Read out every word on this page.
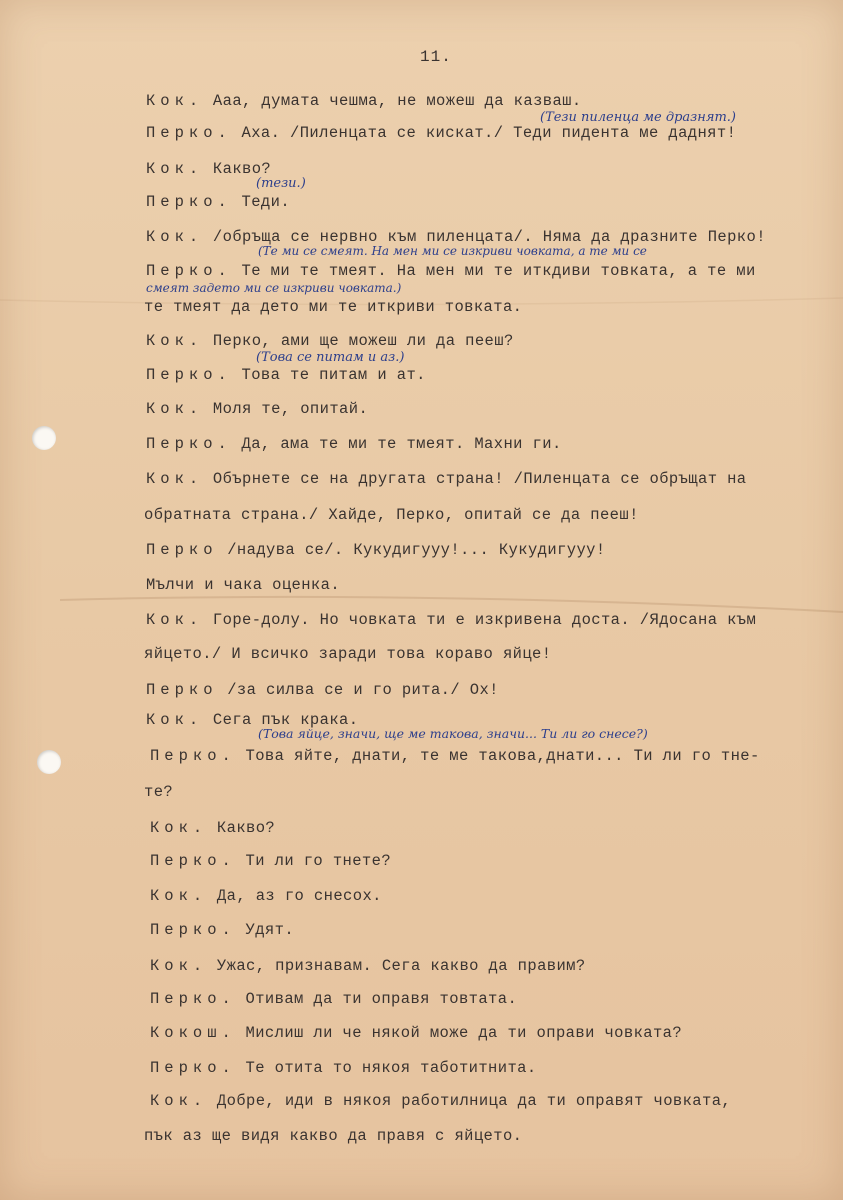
11.
Кок. Ааа, думата чешма, не можеш да казваш.
Перко. Аха. /Пиленцата се кискат./ Теди пидента ме даднят!
Кок. Какво?
Перко. Теди.
Кок. /обръща се нервно към пиленцата/. Няма да дразните Перко!
Перко. Те ми те тмеят. На мен ми те иткдиви товката, а те ми
те тмеят да дето ми те иткриви товката.
Кок. Перко, ами ще можеш ли да пееш?
Перко. Това те питам и ат.
Кок. Моля те, опитай.
Перко. Да, ама те ми те тмеят. Махни ги.
Кок. Обърнете се на другата страна! /Пиленцата се обръщат на
обратната страна./ Хайде, Перко, опитай се да пееш!
Перко /надува се/. Кукудигууу!... Кукудигууу!
Мълчи и чака оценка.
Кок. Горе-долу. Но човката ти е изкривена доста. /Ядосана към
яйцето./ И всичко заради това кораво яйце!
Перко /за силва се и го рита./ Ох!
Кок. Сега пък крака.
Перко. Това яйте, днати, те ме такова,днати... Ти ли го тне-
те?
Кок. Какво?
Перко. Ти ли го тнете?
Кок. Да, аз го снесох.
Перко. Удят.
Кок. Ужас, признавам. Сега какво да правим?
Перко. Отивам да ти оправя товтата.
Кокош. Мислиш ли че някой може да ти оправи човката?
Перко. Те отита то някоя таботитнита.
Кок. Добре, иди в някоя работилница да ти оправят човката,
пък аз ще видя какво да правя с яйцето.
(Тези пиленца ме дразнят.)
(тези.)
(Те ми се смеят. На мен ми се изкриви човката, а те ми се
смеят задето ми се изкриви човката.)
(Това се питам и аз.)
(Това яйце, значи, ще ме такова, значи... Ти ли го снесе?)
